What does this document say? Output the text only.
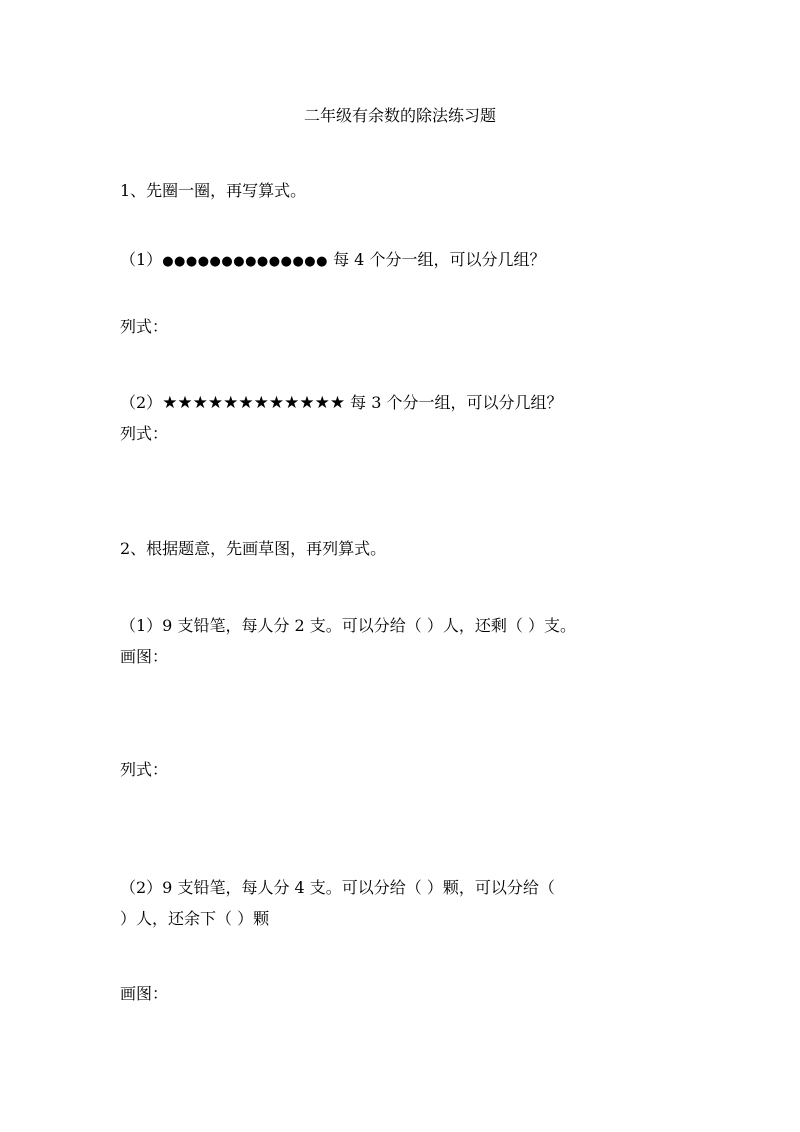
二年级有余数的除法练习题
1、先圈一圈，再写算式。
（1）●●●●●●●●●●●●●● 每 4 个分一组，可以分几组？
列式：
（2）★★★★★★★★★★★★ 每 3 个分一组，可以分几组？
列式：
2、根据题意，先画草图，再列算式。
（1）9 支铅笔，每人分 2 支。可以分给（ ）人，还剩（ ）支。
画图：
列式：
（2）9 支铅笔，每人分 4 支。可以分给（ ）颗，可以分给（
）人，还余下（ ）颗
画图：
